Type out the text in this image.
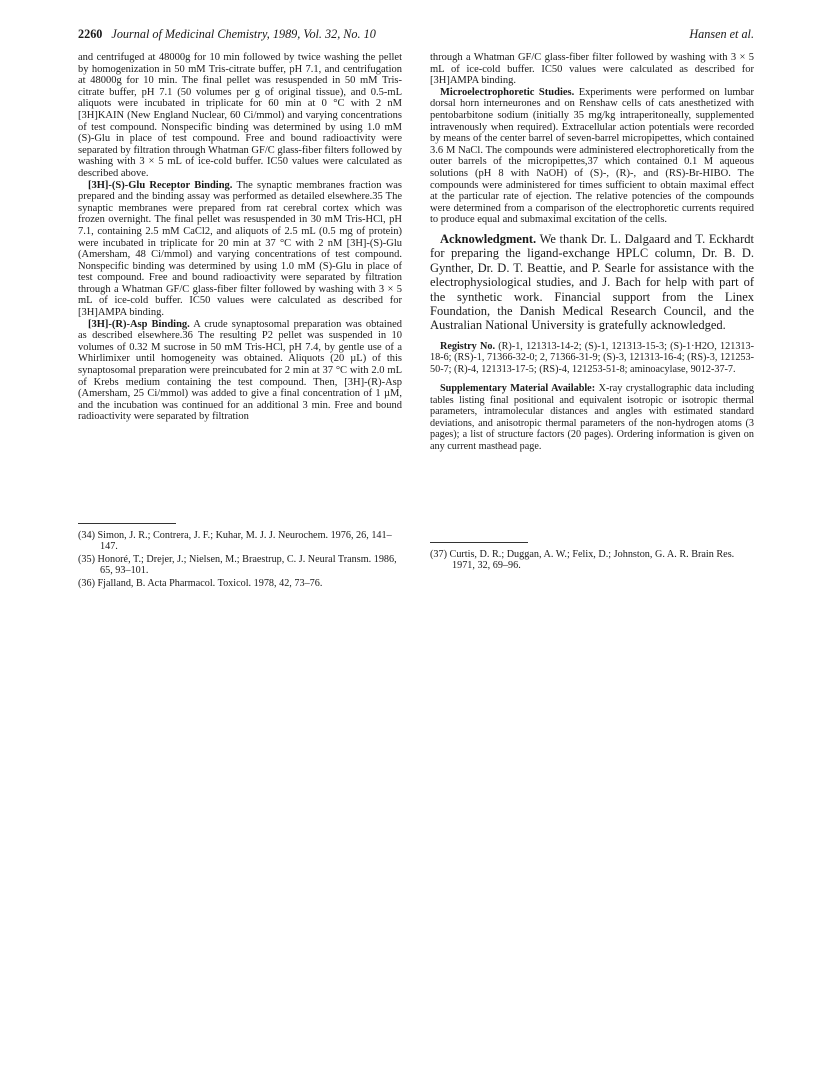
2260 Journal of Medicinal Chemistry, 1989, Vol. 32, No. 10	Hansen et al.

and centrifuged at 48000g for 10 min followed by twice washing the pellet by homogenization in 50 mM Tris-citrate buffer, pH 7.1, and centrifugation at 48000g for 10 min. The final pellet was resuspended in 50 mM Tris-citrate buffer, pH 7.1 (50 volumes per g of original tissue), and 0.5-mL aliquots were incubated in triplicate for 60 min at 0 °C with 2 nM [3H]KAIN (New England Nuclear, 60 Ci/mmol) and varying concentrations of test compound. Nonspecific binding was determined by using 1.0 mM (S)-Glu in place of test compound. Free and bound radioactivity were separated by filtration through Whatman GF/C glass-fiber filters followed by washing with 3 × 5 mL of ice-cold buffer. IC50 values were calculated as described above.

[3H]-(S)-Glu Receptor Binding. The synaptic membranes fraction was prepared and the binding assay was performed as detailed elsewhere.35 The synaptic membranes were prepared from rat cerebral cortex which was frozen overnight. The final pellet was resuspended in 30 mM Tris-HCl, pH 7.1, containing 2.5 mM CaCl2, and aliquots of 2.5 mL (0.5 mg of protein) were incubated in triplicate for 20 min at 37 °C with 2 nM [3H]-(S)-Glu (Amersham, 48 Ci/mmol) and varying concentrations of test compound. Nonspecific binding was determined by using 1.0 mM (S)-Glu in place of test compound. Free and bound radioactivity were separated by filtration through a Whatman GF/C glass-fiber filter followed by washing with 3 × 5 mL of ice-cold buffer. IC50 values were calculated as described for [3H]AMPA binding.

[3H]-(R)-Asp Binding. A crude synaptosomal preparation was obtained as described elsewhere.36 The resulting P2 pellet was suspended in 10 volumes of 0.32 M sucrose in 50 mM Tris-HCl, pH 7.4, by gentle use of a Whirlimixer until homogeneity was obtained. Aliquots (20 µL) of this synaptosomal preparation were preincubated for 2 min at 37 °C with 2.0 mL of Krebs medium containing the test compound. Then, [3H]-(R)-Asp (Amersham, 25 Ci/mmol) was added to give a final concentration of 1 µM, and the incubation was continued for an additional 3 min. Free and bound radioactivity were separated by filtration

(34) Simon, J. R.; Contrera, J. F.; Kuhar, M. J. J. Neurochem. 1976, 26, 141–147.

(35) Honoré, T.; Drejer, J.; Nielsen, M.; Braestrup, C. J. Neural Transm. 1986, 65, 93–101.

(36) Fjalland, B. Acta Pharmacol. Toxicol. 1978, 42, 73–76.

through a Whatman GF/C glass-fiber filter followed by washing with 3 × 5 mL of ice-cold buffer. IC50 values were calculated as described for [3H]AMPA binding.

Microelectrophoretic Studies. Experiments were performed on lumbar dorsal horn interneurones and on Renshaw cells of cats anesthetized with pentobarbitone sodium (initially 35 mg/kg intraperitoneally, supplemented intravenously when required). Extracellular action potentials were recorded by means of the center barrel of seven-barrel micropipettes, which contained 3.6 M NaCl. The compounds were administered electrophoretically from the outer barrels of the micropipettes,37 which contained 0.1 M aqueous solutions (pH 8 with NaOH) of (S)-, (R)-, and (RS)-Br-HIBO. The compounds were administered for times sufficient to obtain maximal effect at the particular rate of ejection. The relative potencies of the compounds were determined from a comparison of the electrophoretic currents required to produce equal and submaximal excitation of the cells.

Acknowledgment. We thank Dr. L. Dalgaard and T. Eckhardt for preparing the ligand-exchange HPLC column, Dr. B. D. Gynther, Dr. D. T. Beattie, and P. Searle for assistance with the electrophysiological studies, and J. Bach for help with part of the synthetic work. Financial support from the Linex Foundation, the Danish Medical Research Council, and the Australian National University is gratefully acknowledged.

Registry No. (R)-1, 121313-14-2; (S)-1, 121313-15-3; (S)-1·H2O, 121313-18-6; (RS)-1, 71366-32-0; 2, 71366-31-9; (S)-3, 121313-16-4; (RS)-3, 121253-50-7; (R)-4, 121313-17-5; (RS)-4, 121253-51-8; aminoacylase, 9012-37-7.

Supplementary Material Available: X-ray crystallographic data including tables listing final positional and equivalent isotropic or isotropic thermal parameters, intramolecular distances and angles with estimated standard deviations, and anisotropic thermal parameters of the non-hydrogen atoms (3 pages); a list of structure factors (20 pages). Ordering information is given on any current masthead page.

(37) Curtis, D. R.; Duggan, A. W.; Felix, D.; Johnston, G. A. R. Brain Res. 1971, 32, 69–96.
